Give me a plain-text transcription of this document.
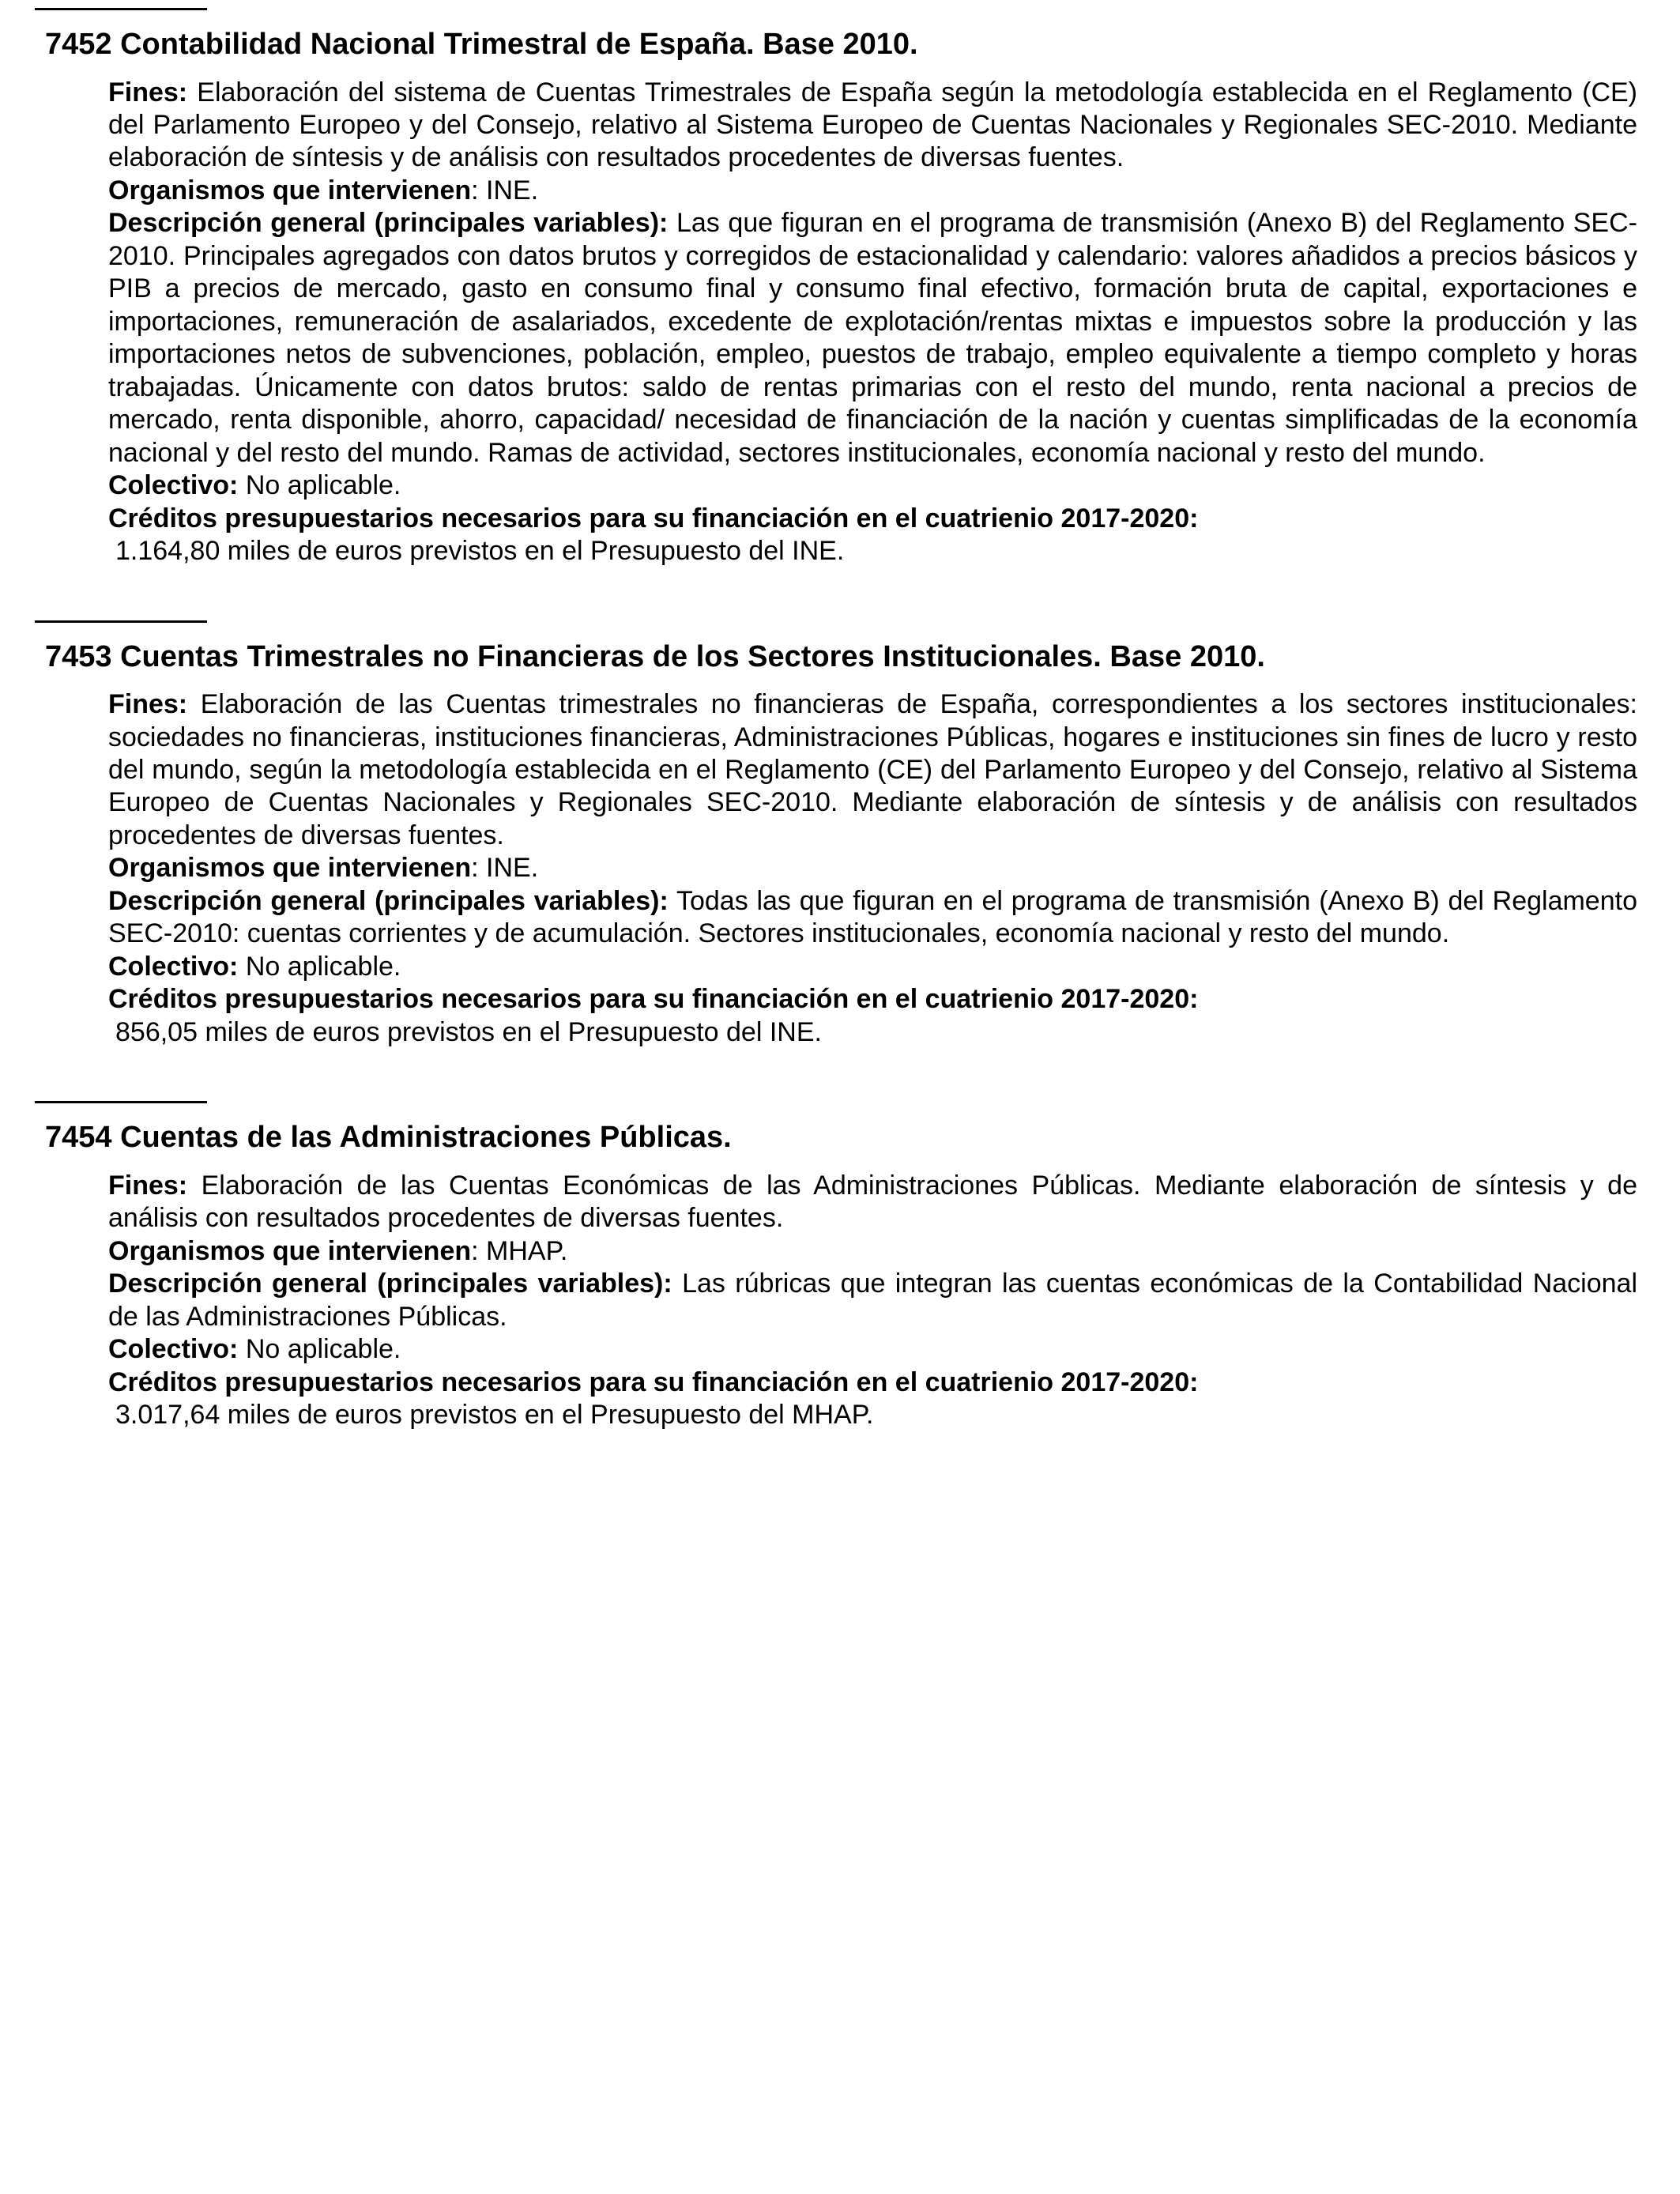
7452 Contabilidad Nacional Trimestral de España. Base 2010.

Fines: Elaboración del sistema de Cuentas Trimestrales de España según la metodología establecida en el Reglamento (CE) del Parlamento Europeo y del Consejo, relativo al Sistema Europeo de Cuentas Nacionales y Regionales SEC-2010. Mediante elaboración de síntesis y de análisis con resultados procedentes de diversas fuentes.

Organismos que intervienen: INE.

Descripción general (principales variables): Las que figuran en el programa de transmisión (Anexo B) del Reglamento SEC-2010. Principales agregados con datos brutos y corregidos de estacionalidad y calendario: valores añadidos a precios básicos y PIB a precios de mercado, gasto en consumo final y consumo final efectivo, formación bruta de capital, exportaciones e importaciones, remuneración de asalariados, excedente de explotación/rentas mixtas e impuestos sobre la producción y las importaciones netos de subvenciones, población, empleo, puestos de trabajo, empleo equivalente a tiempo completo y horas trabajadas. Únicamente con datos brutos: saldo de rentas primarias con el resto del mundo, renta nacional a precios de mercado, renta disponible, ahorro, capacidad/ necesidad de financiación de la nación y cuentas simplificadas de la economía nacional y del resto del mundo. Ramas de actividad, sectores institucionales, economía nacional y resto del mundo.

Colectivo: No aplicable.

Créditos presupuestarios necesarios para su financiación en el cuatrienio 2017-2020:

1.164,80 miles de euros previstos en el Presupuesto del INE.

7453 Cuentas Trimestrales no Financieras de los Sectores Institucionales. Base 2010.

Fines: Elaboración de las Cuentas trimestrales no financieras de España, correspondientes a los sectores institucionales: sociedades no financieras, instituciones financieras, Administraciones Públicas, hogares e instituciones sin fines de lucro y resto del mundo, según la metodología establecida en el Reglamento (CE) del Parlamento Europeo y del Consejo, relativo al Sistema Europeo de Cuentas Nacionales y Regionales SEC-2010. Mediante elaboración de síntesis y de análisis con resultados procedentes de diversas fuentes.

Organismos que intervienen: INE.

Descripción general (principales variables): Todas las que figuran en el programa de transmisión (Anexo B) del Reglamento SEC-2010: cuentas corrientes y de acumulación. Sectores institucionales, economía nacional y resto del mundo.

Colectivo: No aplicable.

Créditos presupuestarios necesarios para su financiación en el cuatrienio 2017-2020:

856,05 miles de euros previstos en el Presupuesto del INE.

7454 Cuentas de las Administraciones Públicas.

Fines: Elaboración de las Cuentas Económicas de las Administraciones Públicas. Mediante elaboración de síntesis y de análisis con resultados procedentes de diversas fuentes.

Organismos que intervienen: MHAP.

Descripción general (principales variables): Las rúbricas que integran las cuentas económicas de la Contabilidad Nacional de las Administraciones Públicas.

Colectivo: No aplicable.

Créditos presupuestarios necesarios para su financiación en el cuatrienio 2017-2020:

3.017,64 miles de euros previstos en el Presupuesto del MHAP.
